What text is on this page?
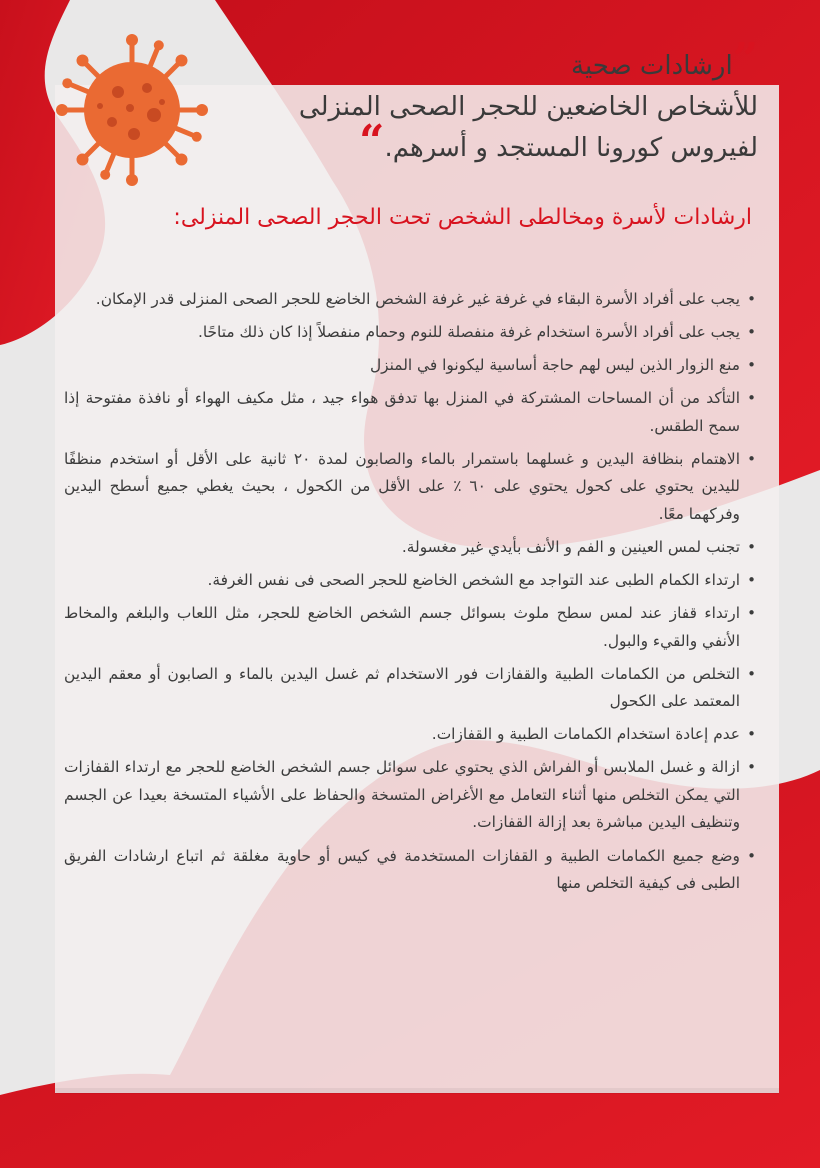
”ارشادات صحية
للأشخاص الخاضعين للحجر الصحى المنزلى
لفيروس كورونا المستجد و أسرهم.“
ارشادات لأسرة ومخالطى الشخص تحت الحجر الصحى المنزلى:
•
يجب على أفراد الأسرة البقاء في غرفة غير غرفة الشخص الخاضع للحجر الصحى المنزلى قدر الإمكان.
•
يجب على أفراد الأسرة استخدام غرفة منفصلة للنوم وحمام منفصلاً إذا كان ذلك متاحًا.
•
منع الزوار الذين ليس لهم حاجة أساسية ليكونوا في المنزل
•
التأكد من أن المساحات المشتركة في المنزل بها تدفق هواء جيد ، مثل مكيف الهواء أو نافذة مفتوحة إذا سمح الطقس.
•
الاهتمام بنظافة اليدين و غسلهما باستمرار بالماء والصابون لمدة ٢٠ ثانية على الأقل أو استخدم منظفًا لليدين يحتوي على كحول يحتوي على ٦٠ ٪ على الأقل من الكحول ، بحيث يغطي جميع أسطح اليدين وفركهما معًا.
•
تجنب لمس العينين و الفم و الأنف بأيدي غير مغسولة.
•
ارتداء الكمام الطبى عند التواجد مع الشخص الخاضع للحجر الصحى فى نفس الغرفة.
•
ارتداء قفاز عند لمس سطح ملوث بسوائل جسم الشخص الخاضع للحجر، مثل اللعاب والبلغم والمخاط الأنفي والقيء والبول.
•
التخلص من الكمامات الطبية والقفازات فور الاستخدام ثم غسل اليدين بالماء و الصابون أو معقم اليدين المعتمد على الكحول
•
عدم إعادة استخدام الكمامات الطبية و القفازات.
•
ازالة و غسل الملابس أو الفراش الذي يحتوي على سوائل جسم الشخص الخاضع للحجر مع ارتداء القفازات التي يمكن التخلص منها أثناء التعامل مع الأغراض المتسخة والحفاظ على الأشياء المتسخة بعيدا عن الجسم وتنظيف اليدين مباشرة بعد إزالة القفازات.
•
وضع جميع الكمامات الطبية و القفازات المستخدمة في كيس أو حاوية مغلقة ثم اتباع ارشادات الفريق الطبى فى كيفية التخلص منها
